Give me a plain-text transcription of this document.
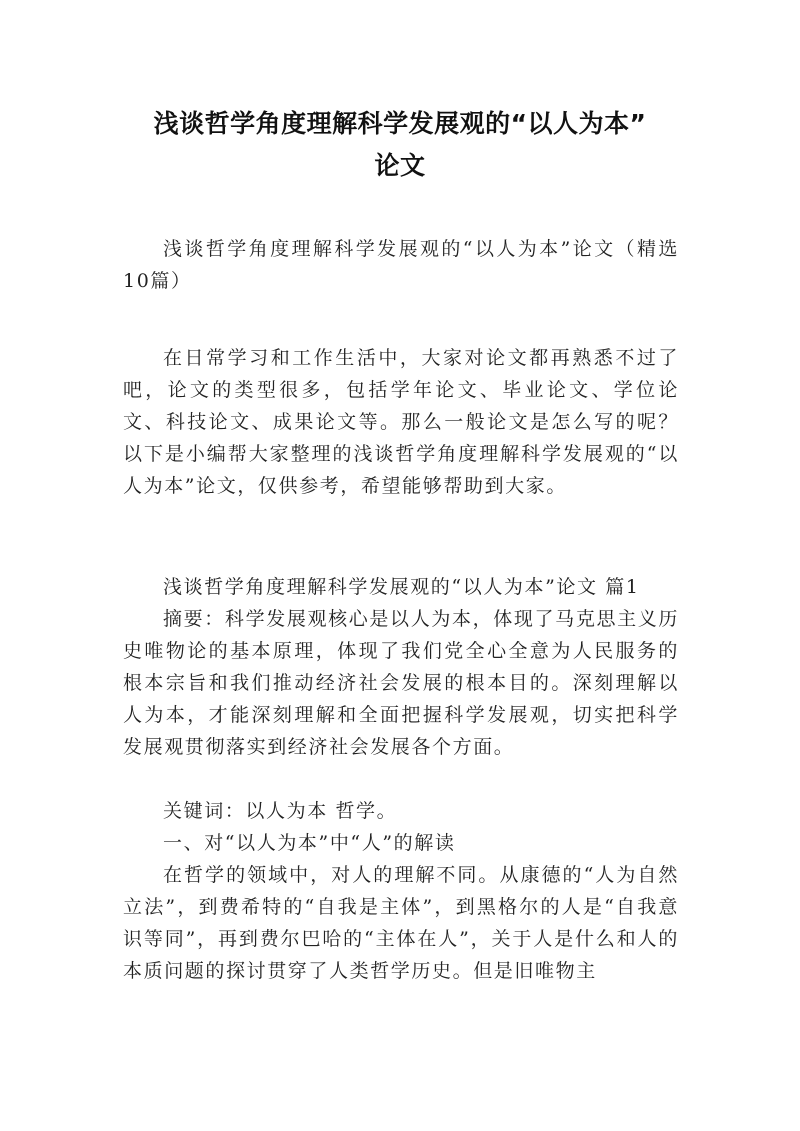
浅谈哲学角度理解科学发展观的“以人为本”
论文

浅谈哲学角度理解科学发展观的“以人为本”论文（精选10篇）

在日常学习和工作生活中，大家对论文都再熟悉不过了吧，论文的类型很多，包括学年论文、毕业论文、学位论文、科技论文、成果论文等。那么一般论文是怎么写的呢？以下是小编帮大家整理的浅谈哲学角度理解科学发展观的“以人为本”论文，仅供参考，希望能够帮助到大家。

浅谈哲学角度理解科学发展观的“以人为本”论文 篇1

摘要：科学发展观核心是以人为本，体现了马克思主义历史唯物论的基本原理，体现了我们党全心全意为人民服务的根本宗旨和我们推动经济社会发展的根本目的。深刻理解以人为本，才能深刻理解和全面把握科学发展观，切实把科学发展观贯彻落实到经济社会发展各个方面。

关键词：以人为本 哲学。

一、对“以人为本”中“人”的解读

在哲学的领域中，对人的理解不同。从康德的“人为自然立法”，到费希特的“自我是主体”，到黑格尔的人是“自我意识等同”，再到费尔巴哈的“主体在人”，关于人是什么和人的本质问题的探讨贯穿了人类哲学历史。但是旧唯物主
